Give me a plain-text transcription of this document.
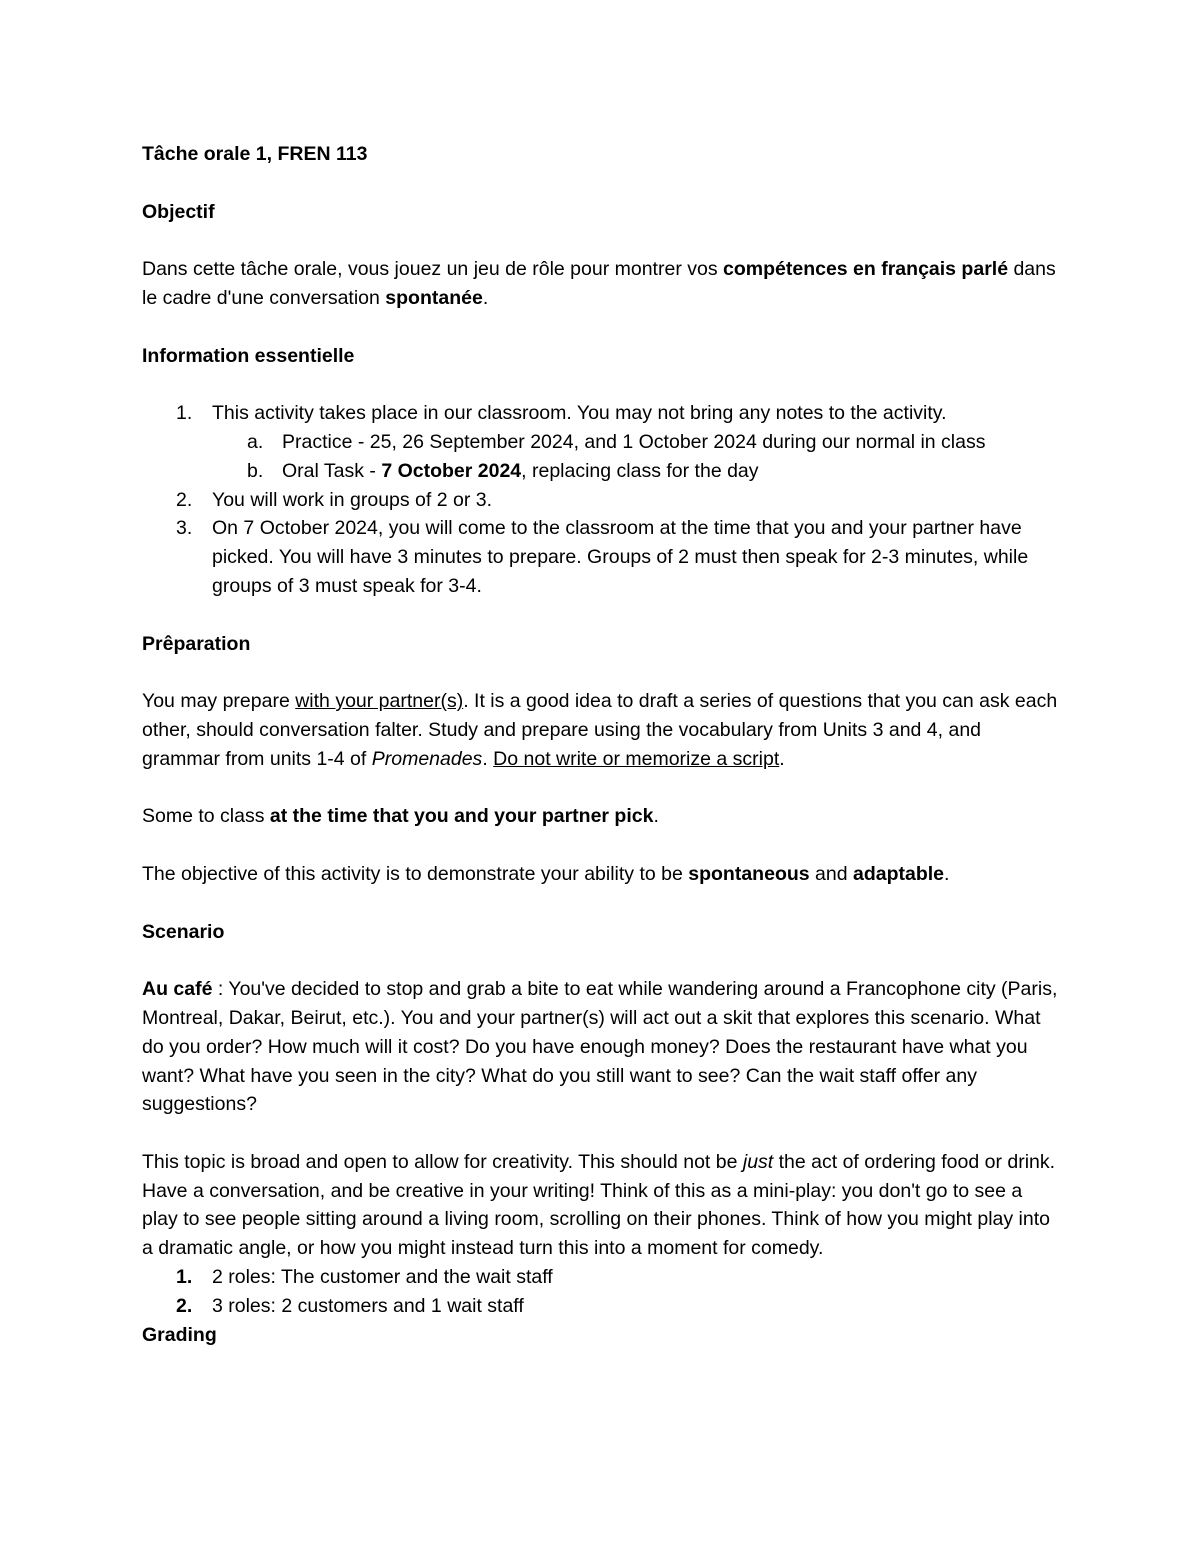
Tâche orale 1, FREN 113

Objectif

Dans cette tâche orale, vous jouez un jeu de rôle pour montrer vos compétences en français parlé dans le cadre d'une conversation spontanée.

Information essentielle

1.	This activity takes place in our classroom. You may not bring any notes to the activity.
a. Practice - 25, 26 September 2024, and 1 October 2024 during our normal in class
b. Oral Task - 7 October 2024, replacing class for the day
2.	You will work in groups of 2 or 3.
3.	On 7 October 2024, you will come to the classroom at the time that you and your partner have picked. You will have 3 minutes to prepare. Groups of 2 must then speak for 2-3 minutes, while groups of 3 must speak for 3-4.

Prêparation

You may prepare with your partner(s). It is a good idea to draft a series of questions that you can ask each other, should conversation falter. Study and prepare using the vocabulary from Units 3 and 4, and grammar from units 1-4 of Promenades. Do not write or memorize a script.

Some to class at the time that you and your partner pick.

The objective of this activity is to demonstrate your ability to be spontaneous and adaptable.

Scenario

Au café : You've decided to stop and grab a bite to eat while wandering around a Francophone city (Paris, Montreal, Dakar, Beirut, etc.). You and your partner(s) will act out a skit that explores this scenario. What do you order? How much will it cost? Do you have enough money? Does the restaurant have what you want? What have you seen in the city? What do you still want to see? Can the wait staff offer any suggestions?

This topic is broad and open to allow for creativity. This should not be just the act of ordering food or drink. Have a conversation, and be creative in your writing! Think of this as a mini-play: you don't go to see a play to see people sitting around a living room, scrolling on their phones. Think of how you might play into a dramatic angle, or how you might instead turn this into a moment for comedy.

1.	2 roles: The customer and the wait staff
2.	3 roles: 2 customers and 1 wait staff

Grading
